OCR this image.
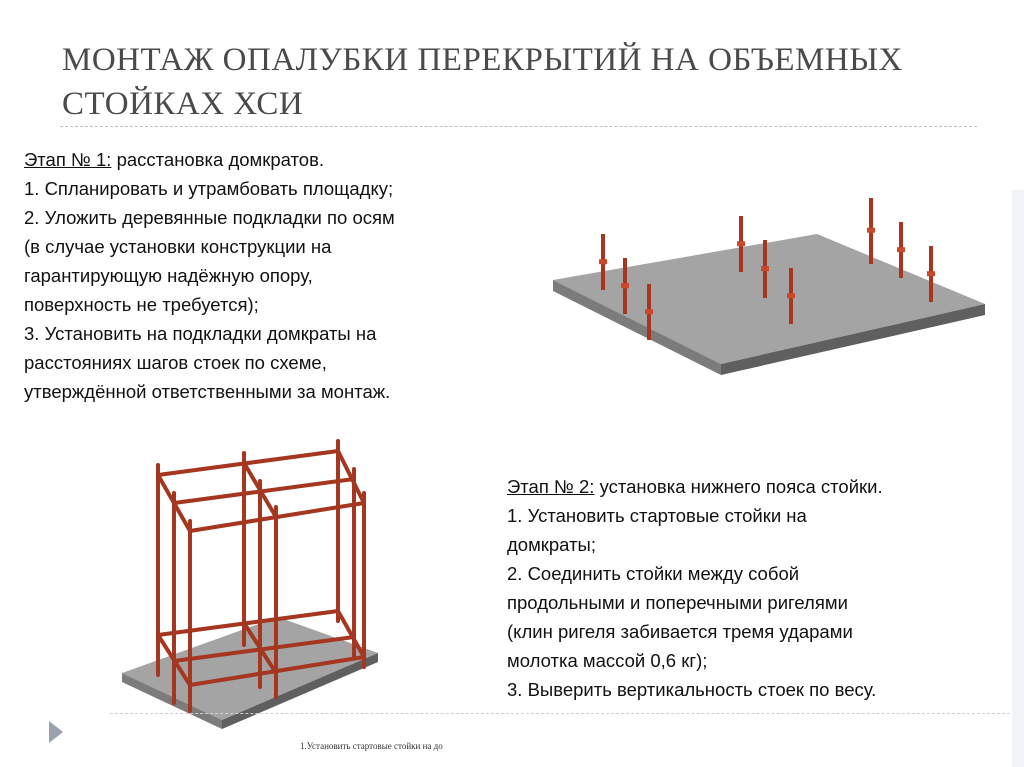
МОНТАЖ ОПАЛУБКИ ПЕРЕКРЫТИЙ НА ОБЪЕМНЫХ
СТОЙКАХ ХСИ

Этап № 1: расстановка домкратов.

1. Спланировать и утрамбовать площадку;

2. Уложить деревянные подкладки по осям

(в случае установки конструкции на

гарантирующую надёжную опору,

поверхность не требуется);

3. Установить на подкладки домкраты на

расстояниях шагов стоек по схеме,

утверждённой ответственными за монтаж.

Этап № 2: установка нижнего пояса стойки.

1. Установить стартовые стойки на

домкраты;

2. Соединить стойки между собой

продольными и поперечными ригелями

(клин ригеля забивается тремя ударами

молотка массой 0,6 кг);

3. Выверить вертикальность стоек по весу.

1.Установить стартовые стойки на до
